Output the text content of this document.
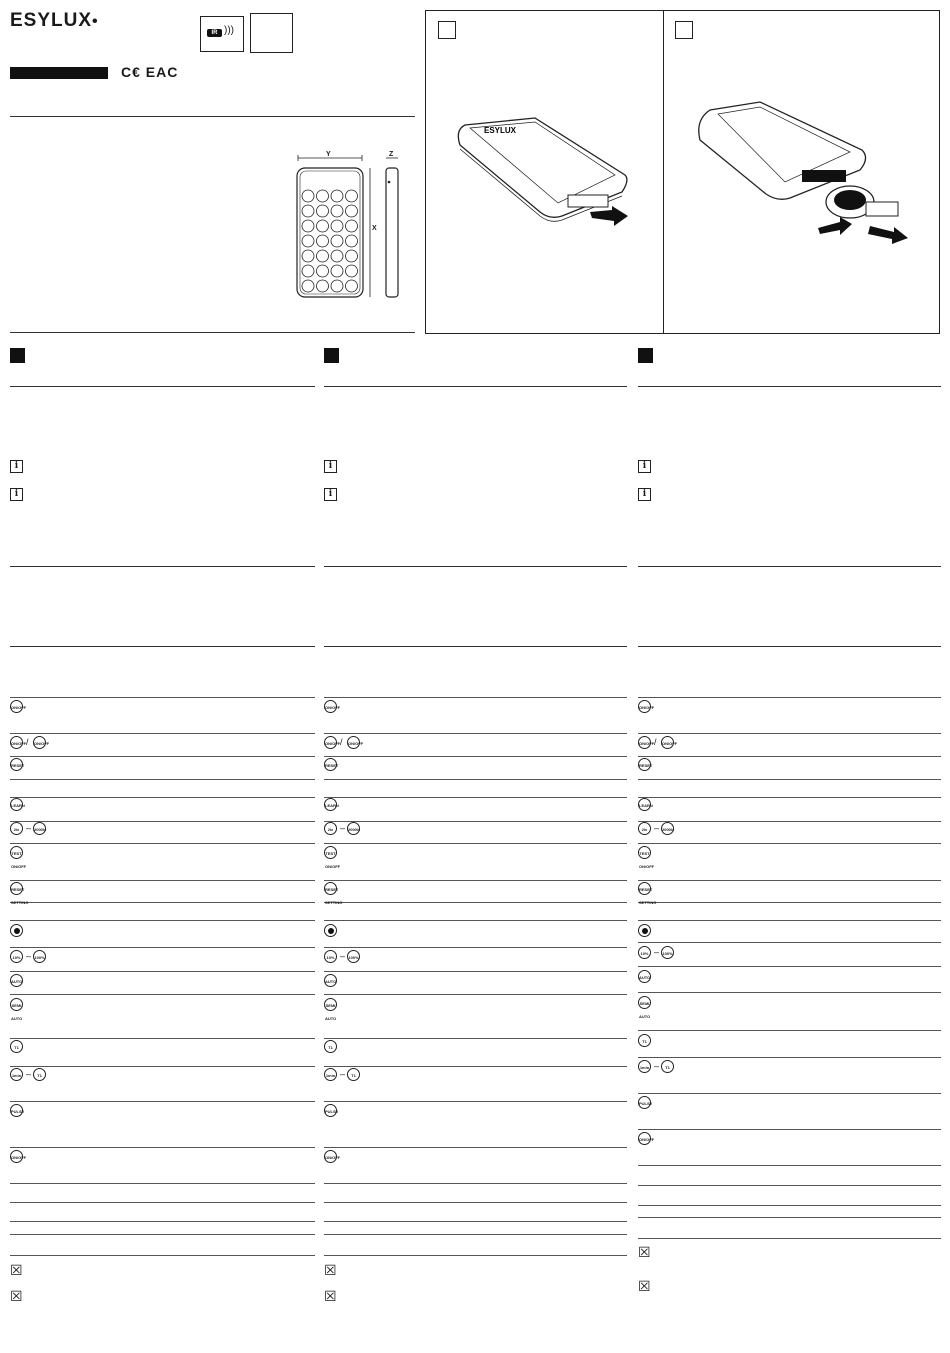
ESYLUX•
IR )))
C€ EAC
Y	Z
X
ESYLUX
i
i
ON/OFF
ON/OFF / ON/OFF
RESET
LEARN
2lx – 2000lx
TEST ON/OFF
RESET SETTING
10% – 100%
AUTO
SEMI AUTO
T1
1min –	T1
PULSE
ON/OFF
☒
☒
i
i
ON/OFF
ON/OFF / ON/OFF
RESET
LEARN
2lx – 2000lx
TEST ON/OFF
RESET SETTING
10% – 100%
AUTO
SEMI AUTO
T1
1min –	T1
PULSE
ON/OFF
☒
☒
i
i
ON/OFF
ON/OFF / ON/OFF
RESET
LEARN
2lx – 2000lx
TEST ON/OFF
RESET SETTING
10% – 100%
AUTO
SEMI AUTO
T1
1min –	T1
PULSE
ON/OFF
☒
☒
